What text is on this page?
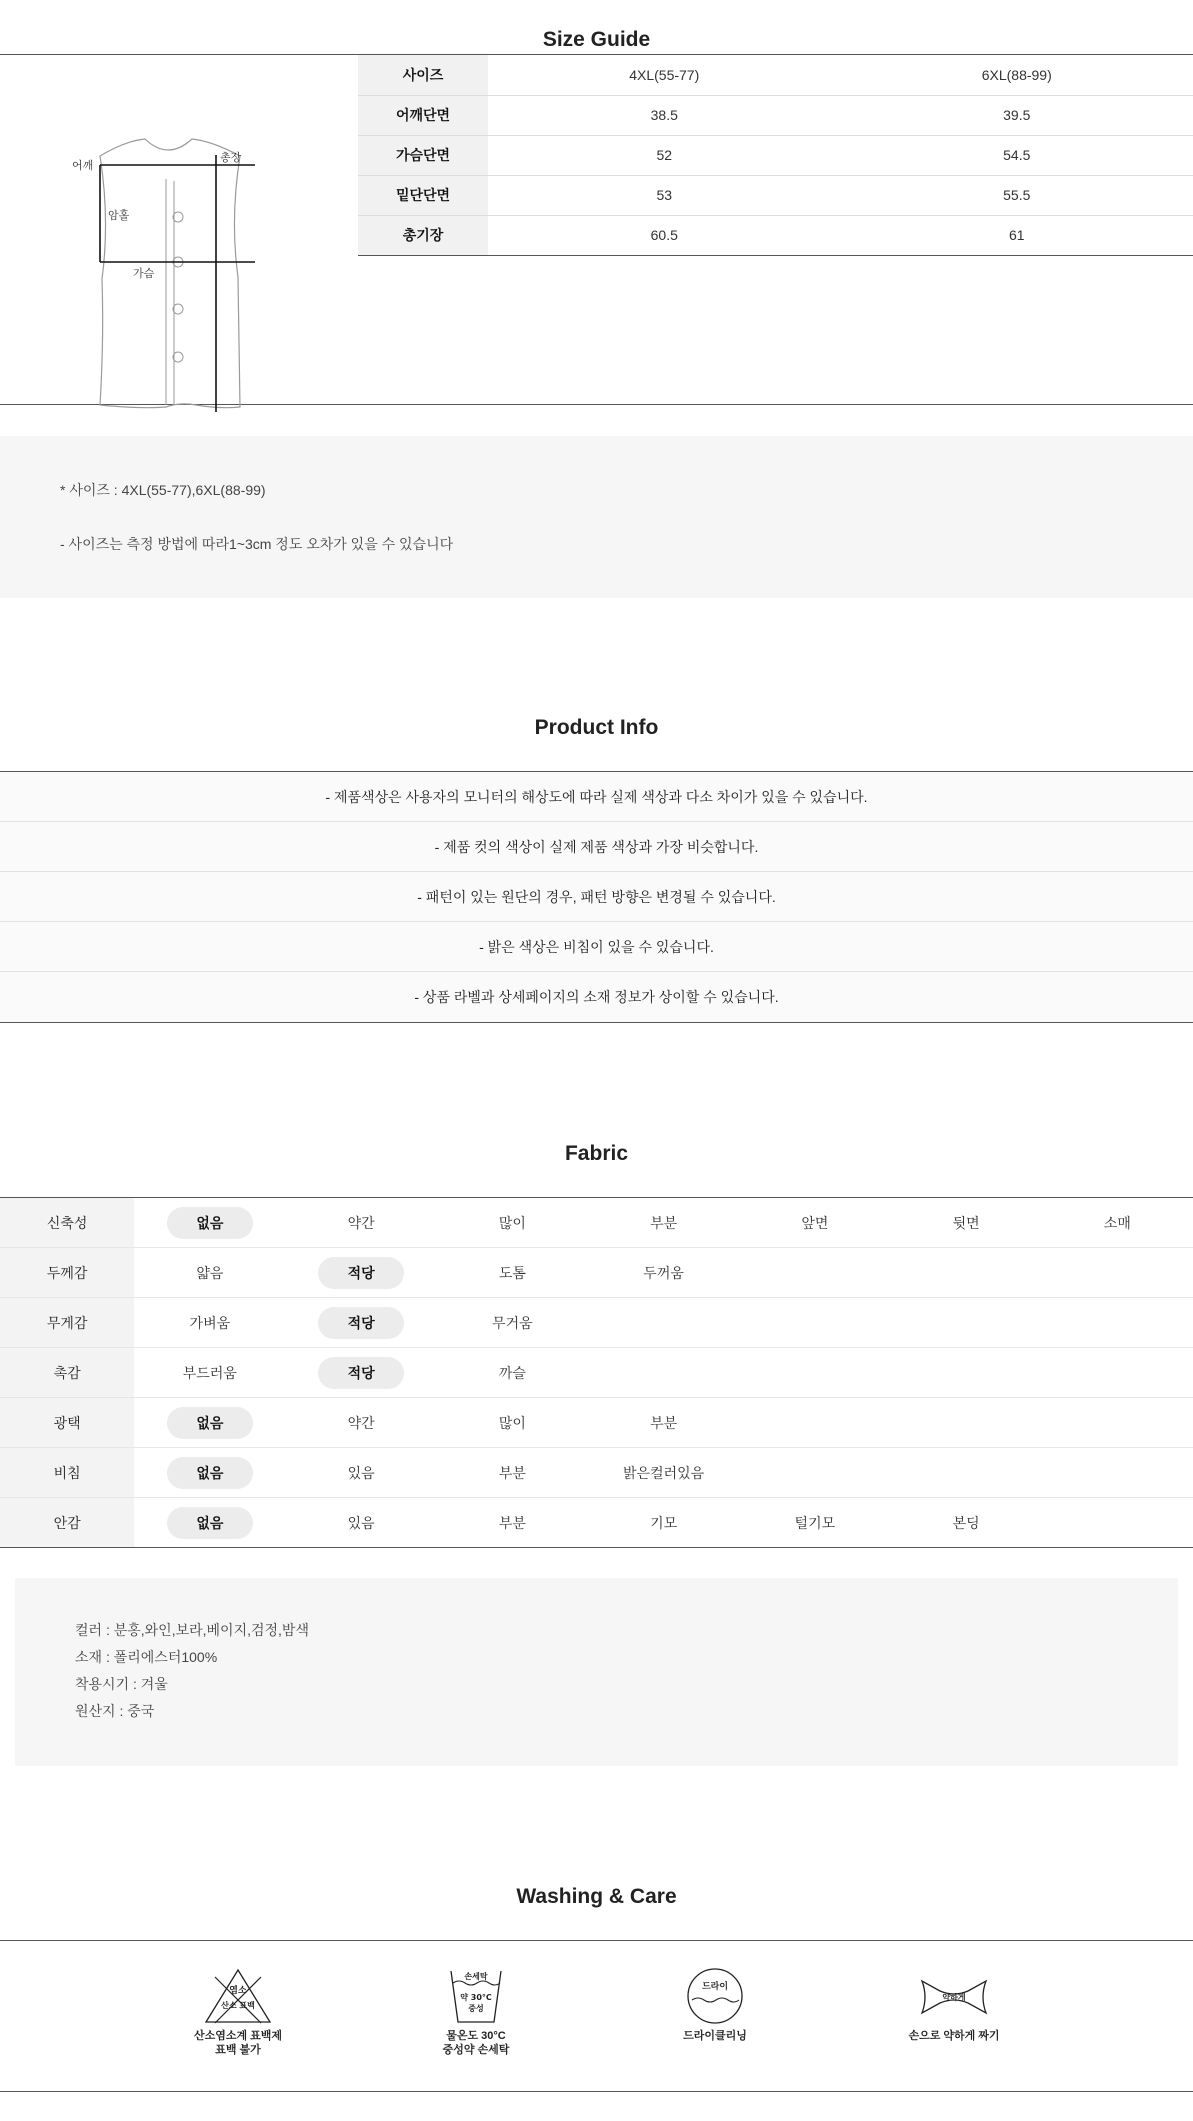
Size Guide
어깨
총장
암홀
가슴
사이즈	4XL(55-77)	6XL(88-99)
어깨단면	38.5	39.5
가슴단면	52	54.5
밑단단면	53	55.5
총기장	60.5	61

* 사이즈 : 4XL(55-77),6XL(88-99)

- 사이즈는 측정 방법에 따라1~3cm 정도 오차가 있을 수 있습니다

Product Info
- 제품색상은 사용자의 모니터의 해상도에 따라 실제 색상과 다소 차이가 있을 수 있습니다.
- 제품 컷의 색상이 실제 제품 색상과 가장 비슷합니다.
- 패턴이 있는 원단의 경우, 패턴 방향은 변경될 수 있습니다.
- 밝은 색상은 비침이 있을 수 있습니다.
- 상품 라벨과 상세페이지의 소재 정보가 상이할 수 있습니다.
Fabric
신축성	없음	약간	많이	부분	앞면	뒷면	소매
두께감	얇음	적당	도톰	두꺼움			
무게감	가벼움	적당	무거움				
촉감	부드러움	적당	까슬				
광택	없음	약간	많이	부분			
비침	없음	있음	부분	밝은컬러있음			
안감	없음	있음	부분	기모	털기모	본딩	

컬러 : 분홍,와인,보라,베이지,검정,밤색

소재 : 폴리에스터100%

착용시기 : 겨울

원산지 : 중국

Washing & Care
염소
산소 표백
산소염소계 표백제
표백 불가
손세탁
약 30°C
중성
물온도 30°C
중성약 손세탁
드라이
드라이클리닝
약하게
손으로 약하게 짜기
